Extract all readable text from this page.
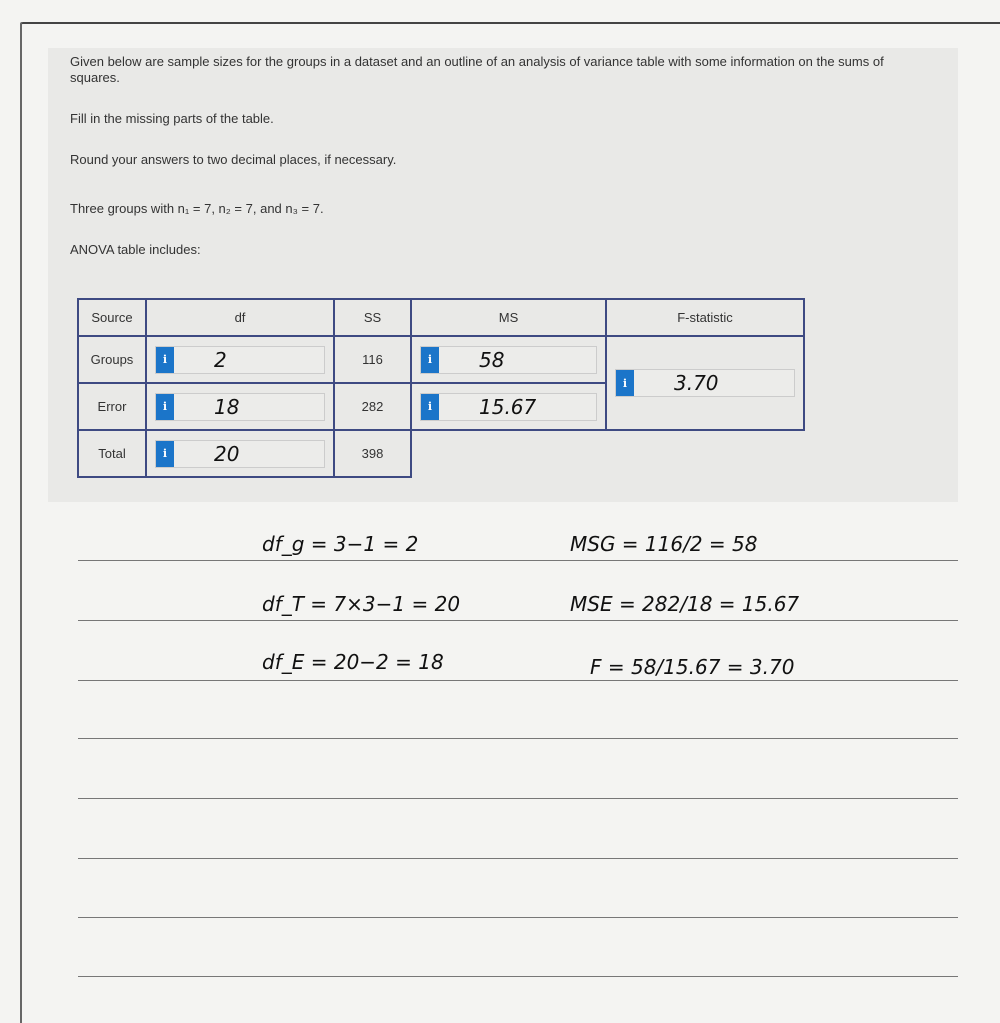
Given below are sample sizes for the groups in a dataset and an outline of an analysis of variance table with some information on the sums of squares.
Fill in the missing parts of the table.
Round your answers to two decimal places, if necessary.
Three groups with n₁ = 7, n₂ = 7, and n₃ = 7.
ANOVA table includes:
Source	df	SS	MS	F-statistic
Groups	i 2	116	i 58	i 3.70

Error	i 18	282	i 15.67	

Total	i 20	398		
df_g = 3−1 = 2
df_T = 7×3−1 = 20
df_E = 20−2 = 18
MSG = 116/2 = 58
MSE = 282/18 = 15.67
F = 58/15.67 = 3.70
